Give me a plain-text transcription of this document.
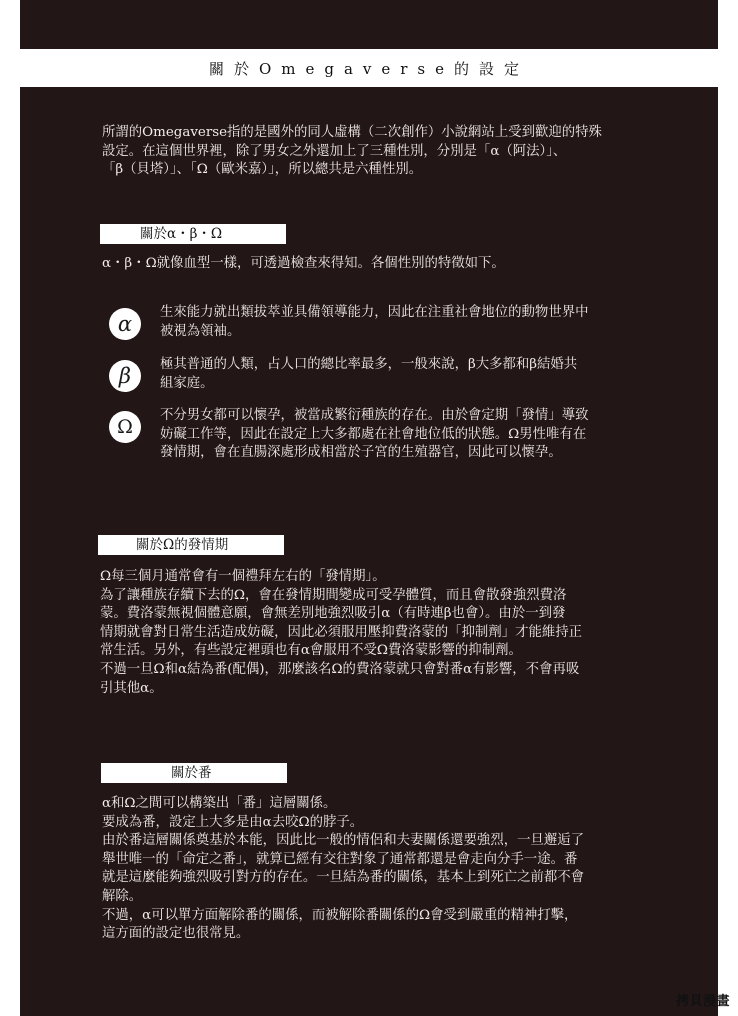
關於Omegaverse的設定

所謂的Omegaverse指的是國外的同人虛構（二次創作）小說網站上受到歡迎的特殊

設定。在這個世界裡，除了男女之外還加上了三種性別，分別是「α（阿法）」、

「β（貝塔）」、「Ω（歐米嘉）」，所以總共是六種性別。

關於α・β・Ω

α・β・Ω就像血型一樣，可透過檢查來得知。各個性別的特徵如下。

α 生來能力就出類拔萃並具備領導能力，因此在注重社會地位的動物世界中

被視為領袖。

β 極其普通的人類，占人口的總比率最多，一般來說，β大多都和β結婚共

組家庭。

Ω

不分男女都可以懷孕，被當成繁衍種族的存在。由於會定期「發情」導致

妨礙工作等，因此在設定上大多都處在社會地位低的狀態。Ω男性唯有在

發情期，會在直腸深處形成相當於子宮的生殖器官，因此可以懷孕。

關於Ω的發情期

Ω每三個月通常會有一個禮拜左右的「發情期」。

為了讓種族存續下去的Ω，會在發情期間變成可受孕體質，而且會散發強烈費洛

蒙。費洛蒙無視個體意願，會無差別地強烈吸引α（有時連β也會）。由於一到發

情期就會對日常生活造成妨礙，因此必須服用壓抑費洛蒙的「抑制劑」才能維持正

常生活。另外，有些設定裡頭也有α會服用不受Ω費洛蒙影響的抑制劑。

不過一旦Ω和α結為番(配偶)，那麼該名Ω的費洛蒙就只會對番α有影響，不會再吸

引其他α。

關於番

α和Ω之間可以構築出「番」這層關係。

要成為番，設定上大多是由α去咬Ω的脖子。

由於番這層關係奠基於本能，因此比一般的情侶和夫妻關係還要強烈，一旦邂逅了

舉世唯一的「命定之番」，就算已經有交往對象了通常都還是會走向分手一途。番

就是這麼能夠強烈吸引對方的存在。一旦結為番的關係，基本上到死亡之前都不會

解除。

不過，α可以單方面解除番的關係，而被解除番關係的Ω會受到嚴重的精神打擊，

這方面的設定也很常見。

拷貝漫畫
